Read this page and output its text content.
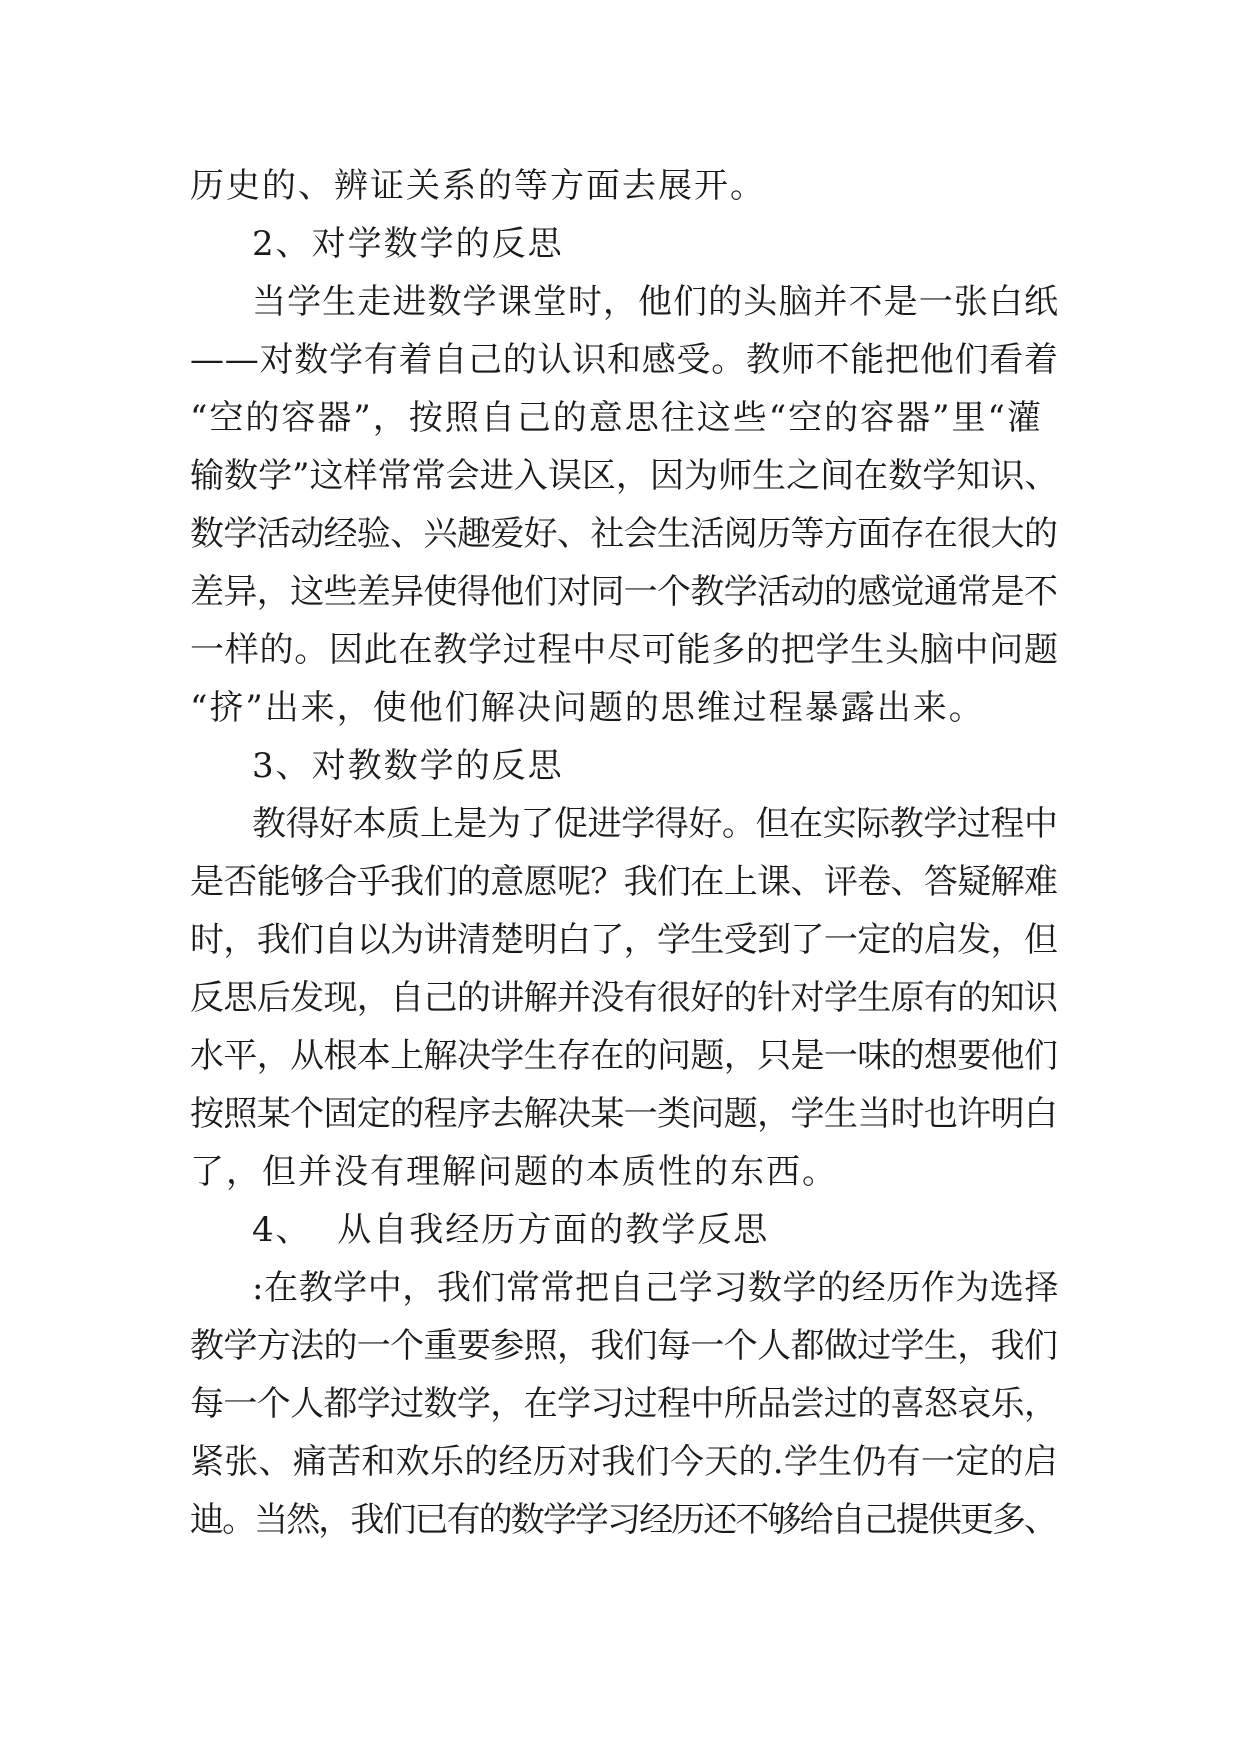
历史的、辨证关系的等方面去展开。
2、对学数学的反思
当学生走进数学课堂时，他们的头脑并不是一张白纸
——对数学有着自己的认识和感受。教师不能把他们看着
“空的容器”，按照自己的意思往这些“空的容器”里“灌
输数学”这样常常会进入误区，因为师生之间在数学知识、
数学活动经验、兴趣爱好、社会生活阅历等方面存在很大的
差异，这些差异使得他们对同一个教学活动的感觉通常是不
一样的。因此在教学过程中尽可能多的把学生头脑中问题
“挤”出来，使他们解决问题的思维过程暴露出来。
3、对教数学的反思
教得好本质上是为了促进学得好。但在实际教学过程中
是否能够合乎我们的意愿呢？我们在上课、评卷、答疑解难
时，我们自以为讲清楚明白了，学生受到了一定的启发，但
反思后发现，自己的讲解并没有很好的针对学生原有的知识
水平，从根本上解决学生存在的问题，只是一味的想要他们
按照某个固定的程序去解决某一类问题，学生当时也许明白
了，但并没有理解问题的本质性的东西。
4、  从自我经历方面的教学反思
:在教学中，我们常常把自己学习数学的经历作为选择
教学方法的一个重要参照，我们每一个人都做过学生，我们
每一个人都学过数学，在学习过程中所品尝过的喜怒哀乐，
紧张、痛苦和欢乐的经历对我们今天的.学生仍有一定的启
迪。当然，我们已有的数学学习经历还不够给自己提供更多、
